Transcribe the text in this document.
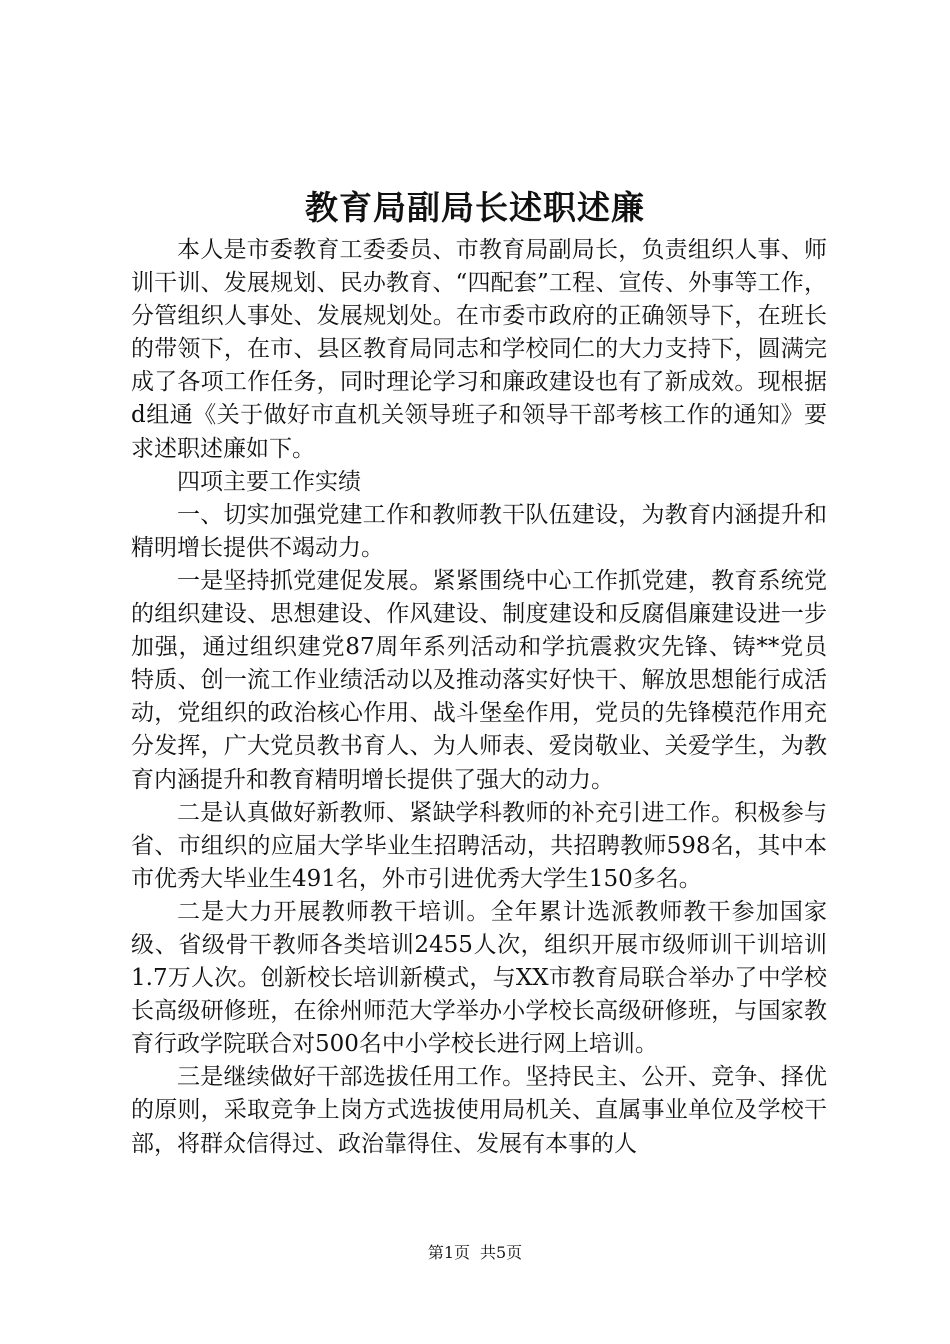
教育局副局长述职述廉

本人是市委教育工委委员、市教育局副局长，负责组织人事、师训干训、发展规划、民办教育、“四配套”工程、宣传、外事等工作，分管组织人事处、发展规划处。在市委市政府的正确领导下，在班长的带领下，在市、县区教育局同志和学校同仁的大力支持下，圆满完成了各项工作任务，同时理论学习和廉政建设也有了新成效。现根据d组通《关于做好市直机关领导班子和领导干部考核工作的通知》要求述职述廉如下。

四项主要工作实绩

一、切实加强党建工作和教师教干队伍建设，为教育内涵提升和精明增长提供不竭动力。

一是坚持抓党建促发展。紧紧围绕中心工作抓党建，教育系统党的组织建设、思想建设、作风建设、制度建设和反腐倡廉建设进一步加强，通过组织建党87周年系列活动和学抗震救灾先锋、铸**党员特质、创一流工作业绩活动以及推动落实好快干、解放思想能行成活动，党组织的政治核心作用、战斗堡垒作用，党员的先锋模范作用充分发挥，广大党员教书育人、为人师表、爱岗敬业、关爱学生，为教育内涵提升和教育精明增长提供了强大的动力。

二是认真做好新教师、紧缺学科教师的补充引进工作。积极参与省、市组织的应届大学毕业生招聘活动，共招聘教师598名，其中本市优秀大毕业生491名，外市引进优秀大学生150多名。

二是大力开展教师教干培训。全年累计选派教师教干参加国家级、省级骨干教师各类培训2455人次，组织开展市级师训干训培训1.7万人次。创新校长培训新模式，与XX市教育局联合举办了中学校长高级研修班，在徐州师范大学举办小学校长高级研修班，与国家教育行政学院联合对500名中小学校长进行网上培训。

三是继续做好干部选拔任用工作。坚持民主、公开、竞争、择优的原则，采取竞争上岗方式选拔使用局机关、直属事业单位及学校干部，将群众信得过、政治靠得住、发展有本事的人

第1页 共5页
